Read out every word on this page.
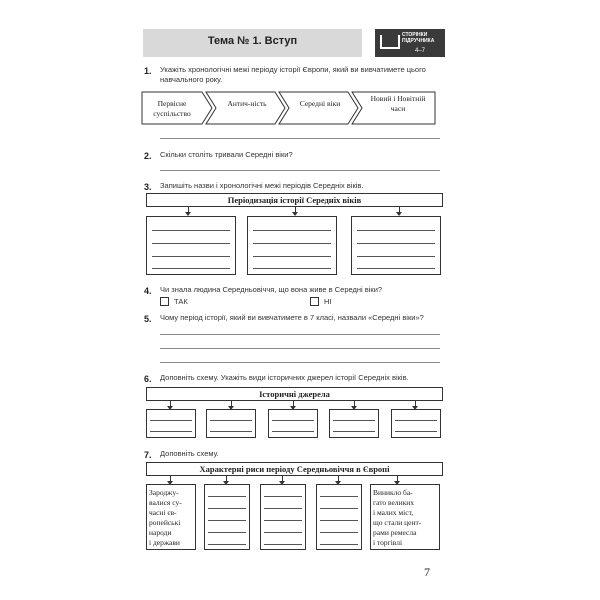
Тема № 1. Вступ	СТОРІНКИ ПІДРУЧНИКА
4–7
1. Укажіть хронологічні межі періоду історії Європи, який ви вивчатимете цього навчального року.
Первісне суспільство
Антич-ність	Середні віки
Новий і Новітній часи
2. Скільки століть тривали Середні віки?
3. Запишіть назви і хронологічні межі періодів Середніх віків.
Періодизація історії Середніх віків
4. Чи знала людина Середньовіччя, що вона живе в Середні віки?
ТАК	НІ
5. Чому період історії, який ви вивчатимете в 7 класі, назвали «Середні віки»?
6. Доповніть схему. Укажіть види історичних джерел історії Середніх віків.
Історичні джерела
7. Доповніть схему.
Характерні риси періоду Середньовіччя в Європі
Зароджу-
валися су-
часні єв-
ропейські
народи
і держави
Виникло ба-
гато великих
і малих міст,
що стали цент-
рами ремесла
і торгівлі
7
